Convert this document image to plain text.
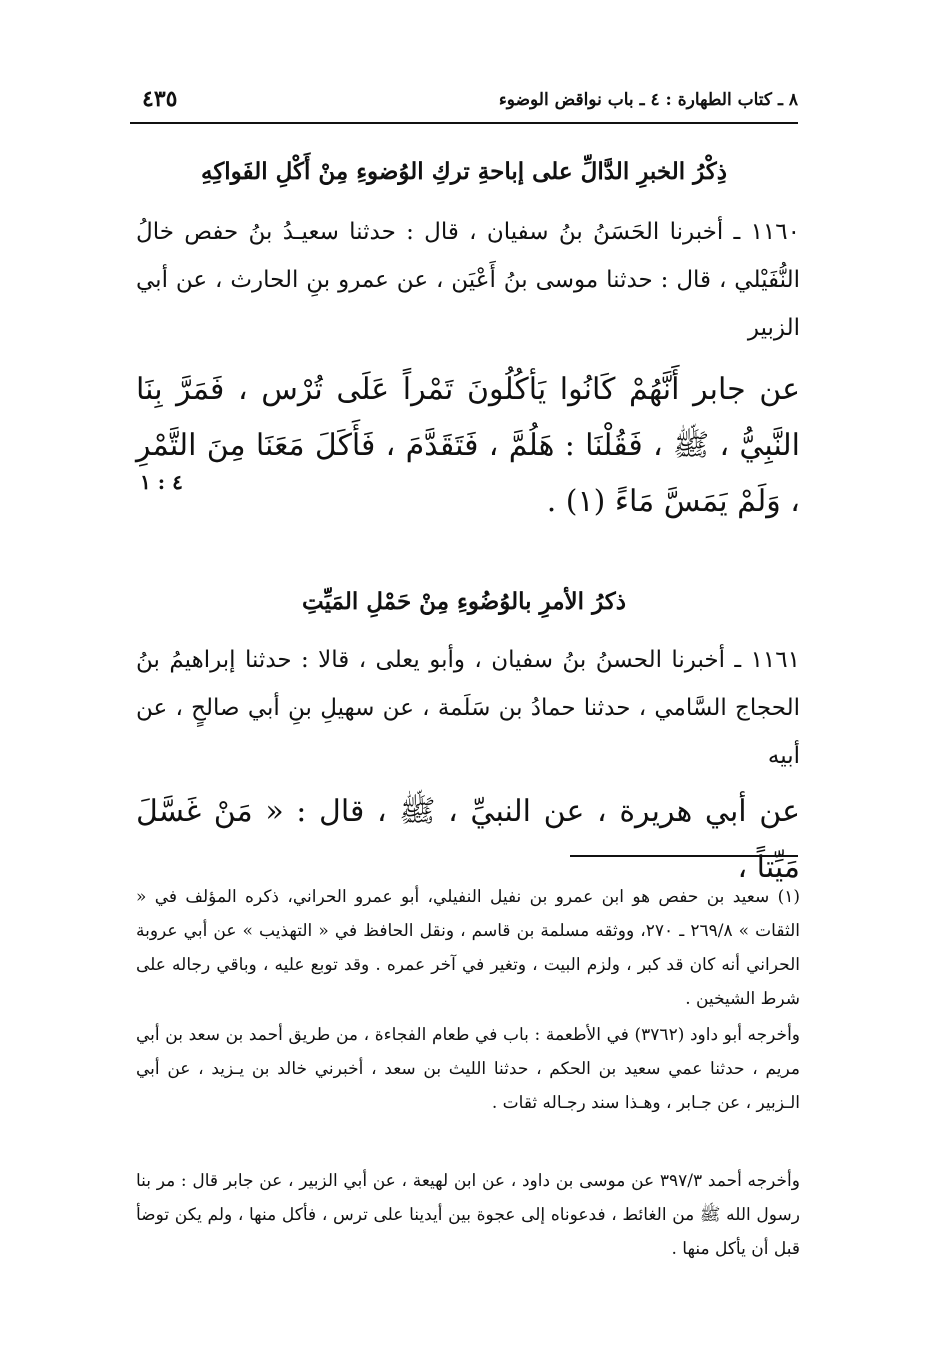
٨ ـ كتاب الطهارة : ٤ ـ باب نواقض الوضوء
٤٣٥
ذِكْرُ الخبرِ الدَّالِّ على إباحةِ تركِ الوُضوءِ مِنْ أَكْلِ الفَواكِهِ

١١٦٠ ـ أخبرنا الحَسَنُ بنُ سفيان ، قال : حدثنا سعيـدُ بنُ حفص خالُ النُّفَيْلي ، قال : حدثنا موسى بنُ أَعْيَن ، عن عمرو بنِ الحارث ، عن أبي الزبير

عن جابر أَنَّهُمْ كَانُوا يَأكُلُونَ تَمْراً عَلَى تُرْس ، فَمَرَّ بِنَا النَّبِيُّ ، ﷺ ، فَقُلْنَا : هَلُمَّ ، فَتَقَدَّمَ ، فَأَكَلَ مَعَنَا مِنَ التَّمْرِ ، وَلَمْ يَمَسَّ مَاءً (١) .

٤ : ١
ذكرُ الأمرِ بالوُضُوءِ مِنْ حَمْلِ المَيِّتِ

١١٦١ ـ أخبرنا الحسنُ بنُ سفيان ، وأبو يعلى ، قالا : حدثنا إبراهيمُ بنُ الحجاج السَّامي ، حدثنا حمادُ بن سَلَمة ، عن سهيلِ بنِ أبي صالحٍ ، عن أبيه

عن أبي هريرة ، عن النبيِّ ، ﷺ ، قال : « مَنْ غَسَّلَ مَيِّتاً ،

(١) سعيد بن حفص هو ابن عمرو بن نفيل النفيلي، أبو عمرو الحراني، ذكره المؤلف في « الثقات » ٢٦٩/٨ ـ ٢٧٠، ووثقه مسلمة بن قاسم ، ونقل الحافظ في « التهذيب » عن أبي عروبة الحراني أنه كان قد كبر ، ولزم البيت ، وتغير في آخر عمره . وقد توبع عليه ، وباقي رجاله على شرط الشيخين .

وأخرجه أبو داود (٣٧٦٢) في الأطعمة : باب في طعام الفجاءة ، من طريق أحمد بن سعد بن أبي مريم ، حدثنا عمي سعيد بن الحكم ، حدثنا الليث بن سعد ، أخبرني خالد بن يـزيد ، عن أبي الـزبير ، عن جـابر ، وهـذا سند رجـاله ثقات .

وأخرجه أحمد ٣٩٧/٣ عن موسى بن داود ، عن ابن لهيعة ، عن أبي الزبير ، عن جابر قال : مر بنا رسول الله ﷺ من الغائط ، فدعوناه إلى عجوة بين أيدينا على ترس ، فأكل منها ، ولم يكن توضأ قبل أن يأكل منها .
